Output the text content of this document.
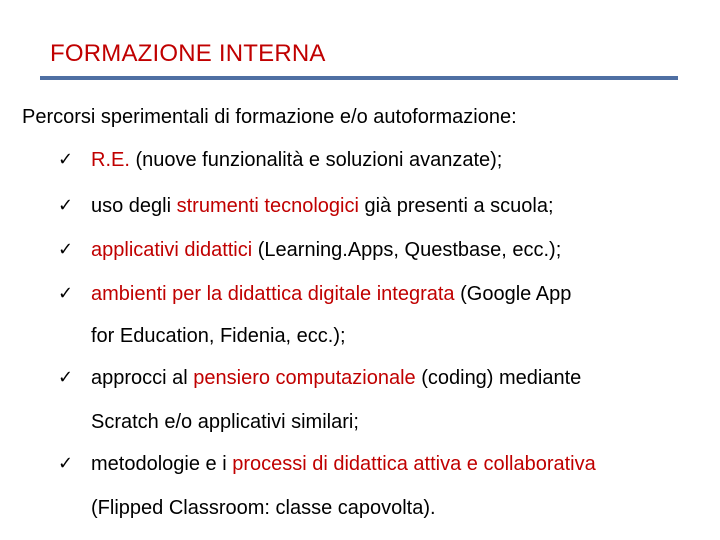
FORMAZIONE INTERNA
Percorsi sperimentali di formazione e/o autoformazione:
✓ R.E. (nuove funzionalità e soluzioni avanzate);
✓ uso degli strumenti tecnologici già presenti a scuola;
✓ applicativi didattici (Learning.Apps, Questbase, ecc.);
✓ ambienti per la didattica digitale integrata (Google App
for Education, Fidenia, ecc.);
✓ approcci al pensiero computazionale (coding) mediante
Scratch e/o applicativi similari;
✓ metodologie e i processi di didattica attiva e collaborativa
(Flipped Classroom: classe capovolta).
